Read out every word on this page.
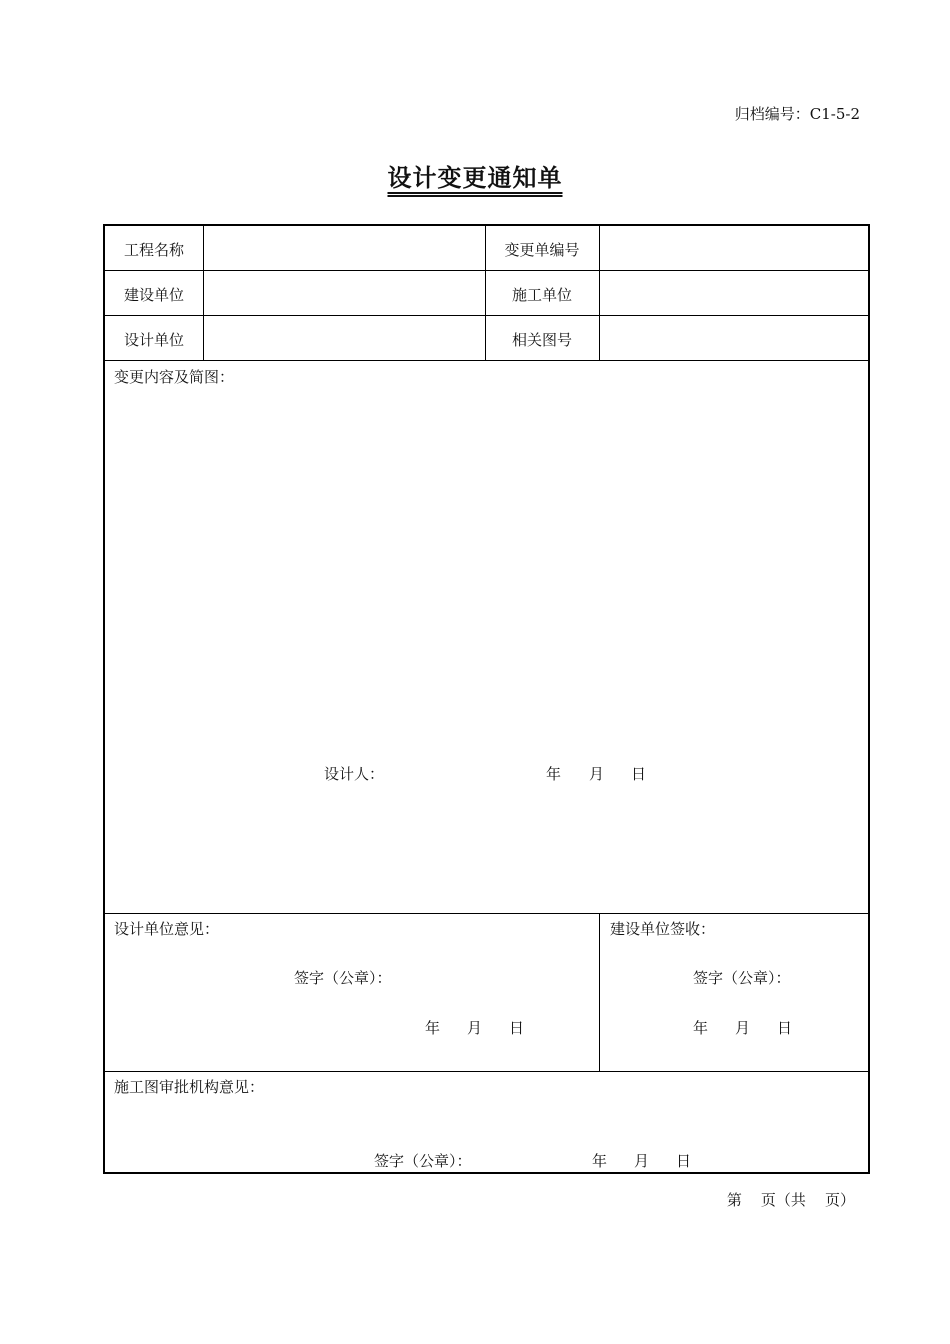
归档编号：C1-5-2
设计变更通知单
工程名称	变更单编号
建设单位	施工单位
设计单位	相关图号
变更内容及简图：
设计人：	年 月 日
设计单位意见：
签字（公章）：
年 月 日
建设单位签收：
签字（公章）：
年 月 日
施工图审批机构意见：
签字（公章）：	年 月 日
第    页（共    页）
